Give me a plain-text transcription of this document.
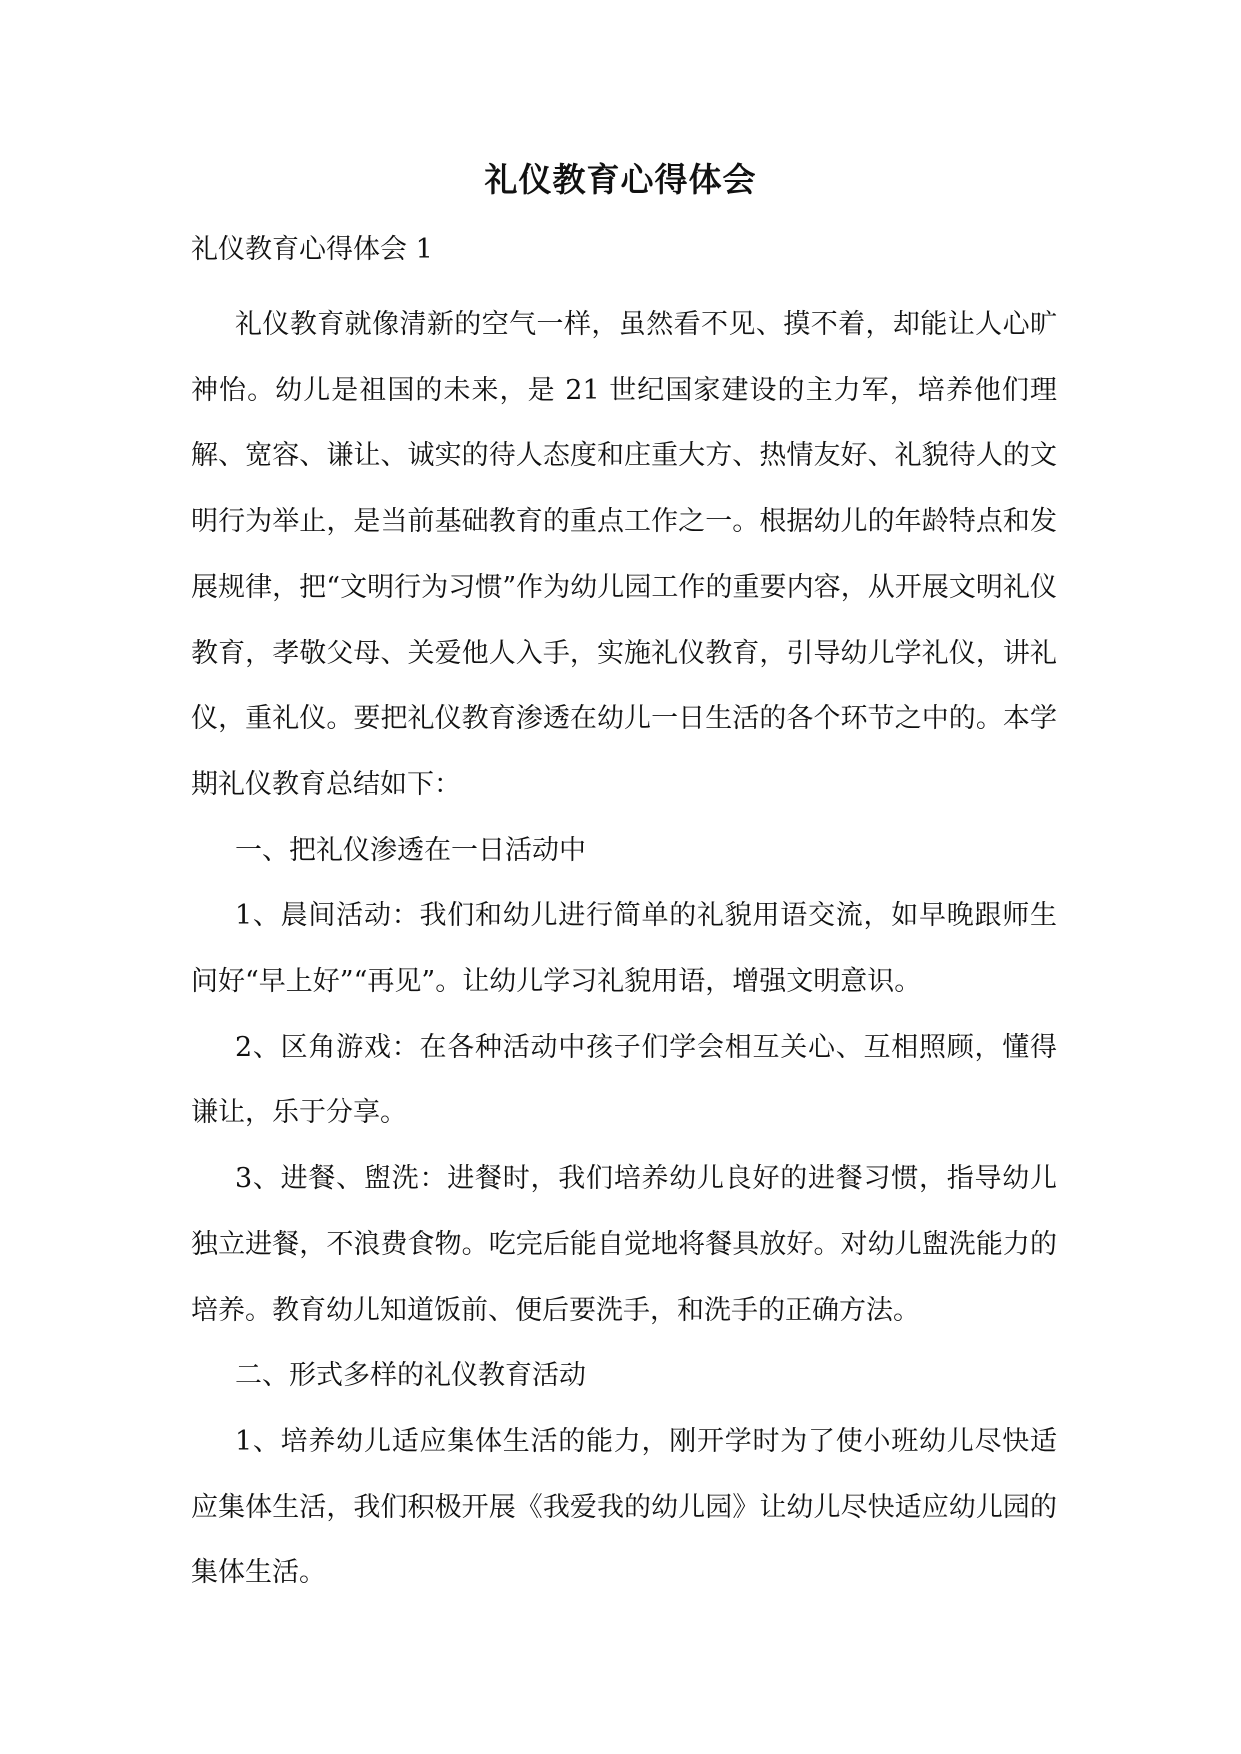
礼仪教育心得体会
礼仪教育心得体会 1

礼仪教育就像清新的空气一样，虽然看不见、摸不着，却能让人心旷神怡。幼儿是祖国的未来，是 21 世纪国家建设的主力军，培养他们理解、宽容、谦让、诚实的待人态度和庄重大方、热情友好、礼貌待人的文明行为举止，是当前基础教育的重点工作之一。根据幼儿的年龄特点和发展规律，把“文明行为习惯”作为幼儿园工作的重要内容，从开展文明礼仪教育，孝敬父母、关爱他人入手，实施礼仪教育，引导幼儿学礼仪，讲礼仪，重礼仪。要把礼仪教育渗透在幼儿一日生活的各个环节之中的。本学期礼仪教育总结如下：

一、把礼仪渗透在一日活动中

1、晨间活动：我们和幼儿进行简单的礼貌用语交流，如早晚跟师生问好“早上好”“再见”。让幼儿学习礼貌用语，增强文明意识。

2、区角游戏：在各种活动中孩子们学会相互关心、互相照顾，懂得谦让，乐于分享。

3、进餐、盥洗：进餐时，我们培养幼儿良好的进餐习惯，指导幼儿独立进餐，不浪费食物。吃完后能自觉地将餐具放好。对幼儿盥洗能力的培养。教育幼儿知道饭前、便后要洗手，和洗手的正确方法。

二、形式多样的礼仪教育活动

1、培养幼儿适应集体生活的能力，刚开学时为了使小班幼儿尽快适应集体生活，我们积极开展《我爱我的幼儿园》让幼儿尽快适应幼儿园的集体生活。
